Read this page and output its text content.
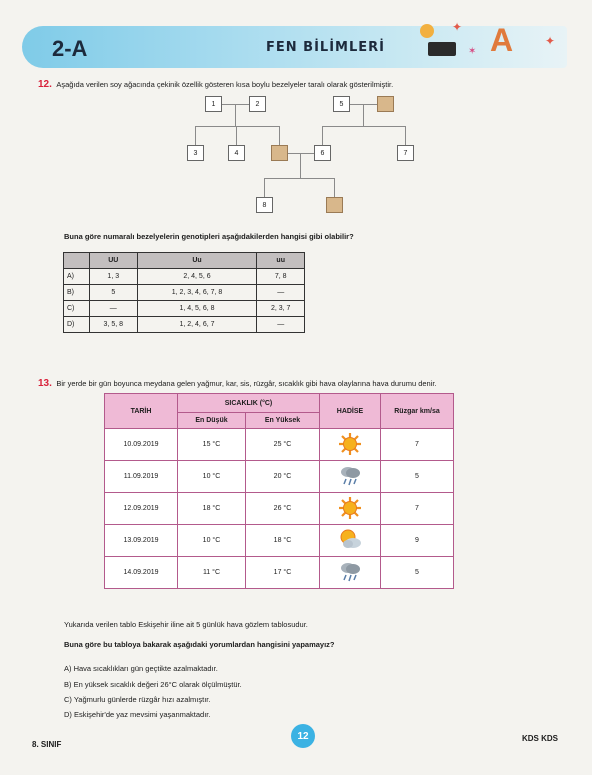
2-A	FEN BİLİMLERİ	A
✦
✦
✶
12. Aşağıda verilen soy ağacında çekinik özellik gösteren kısa boylu bezelyeler taralı olarak gösterilmiştir.
1	2	5
3	4	6	7
8
Buna göre numaralı bezelyelerin genotipleri aşağıdakilerden hangisi gibi olabilir?
	UU	Uu	uu
A)	1, 3	2, 4, 5, 6	7, 8
B)	5	1, 2, 3, 4, 6, 7, 8	—
C)	—	1, 4, 5, 6, 8	2, 3, 7
D)	3, 5, 8	1, 2, 4, 6, 7	—
13. Bir yerde bir gün boyunca meydana gelen yağmur, kar, sis, rüzgâr, sıcaklık gibi hava olaylarına hava durumu denir.
TARİH	SICAKLIK (°C)		HADİSE	Rüzgar km/sa
	En Düşük	En Yüksek		
10.09.2019	15 °C	25 °C		7
11.09.2019	10 °C	20 °C		5
12.09.2019	18 °C	26 °C		7
13.09.2019	10 °C	18 °C		9
14.09.2019	11 °C	17 °C		5
Yukarıda verilen tablo Eskişehir iline ait 5 günlük hava gözlem tablosudur.
Buna göre bu tabloya bakarak aşağıdaki yorumlardan hangisini yapamayız?
A) Hava sıcaklıkları gün geçtikte azalmaktadır.
B) En yüksek sıcaklık değeri 26°C olarak ölçülmüştür.
C) Yağmurlu günlerde rüzgâr hızı azalmıştır.
D) Eskişehir'de yaz mevsimi yaşanmaktadır.
8. SINIF
12	KDS KDS
